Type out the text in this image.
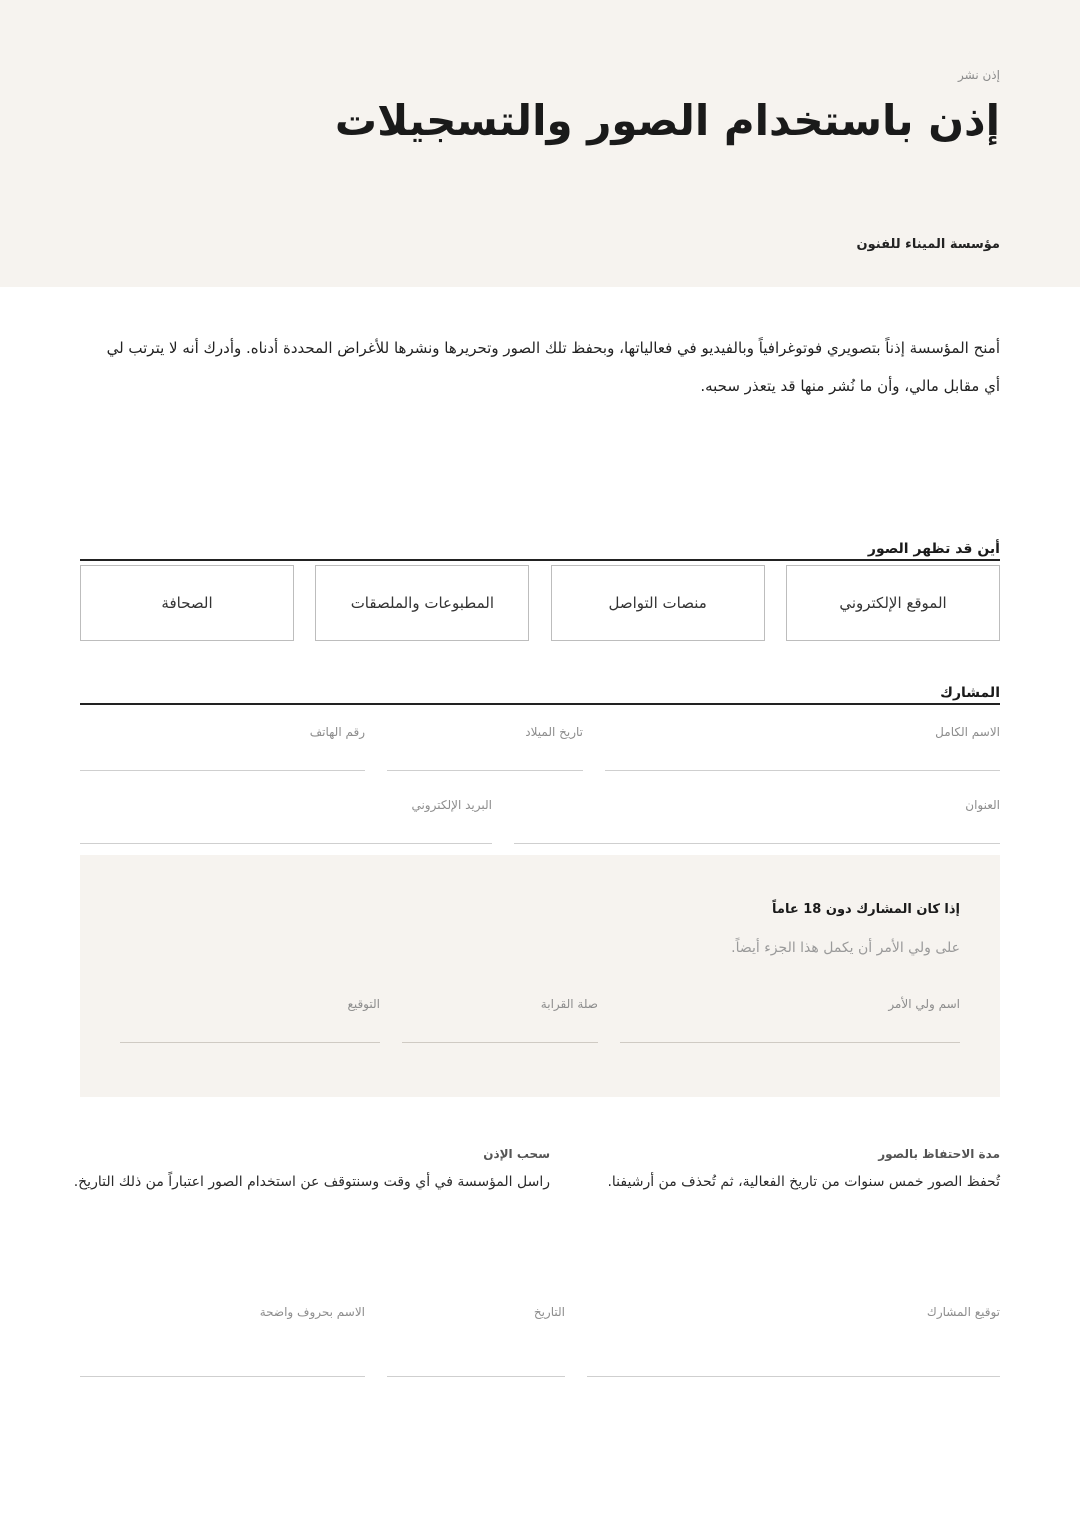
إذن نشر
إذن باستخدام الصور والتسجيلات
مؤسسة الميناء للفنون

أمنح المؤسسة إذناً بتصويري فوتوغرافياً وبالفيديو في فعالياتها، وبحفظ تلك الصور وتحريرها ونشرها للأغراض المحددة أدناه. وأدرك أنه لا يترتب لي أي مقابل مالي، وأن ما نُشر منها قد يتعذر سحبه.

أين قد تظهر الصور
الموقع الإلكتروني
منصات التواصل
المطبوعات والملصقات
الصحافة
المشارك
الاسم الكامل
تاريخ الميلاد
رقم الهاتف
العنوان
البريد الإلكتروني
إذا كان المشارك دون 18 عاماً
على ولي الأمر أن يكمل هذا الجزء أيضاً.
اسم ولي الأمر
صلة القرابة
التوقيع
مدة الاحتفاظ بالصور
تُحفظ الصور خمس سنوات من تاريخ الفعالية، ثم تُحذف من أرشيفنا.
سحب الإذن
راسل المؤسسة في أي وقت وسنتوقف عن استخدام الصور اعتباراً من ذلك التاريخ.
توقيع المشارك
التاريخ
الاسم بحروف واضحة
